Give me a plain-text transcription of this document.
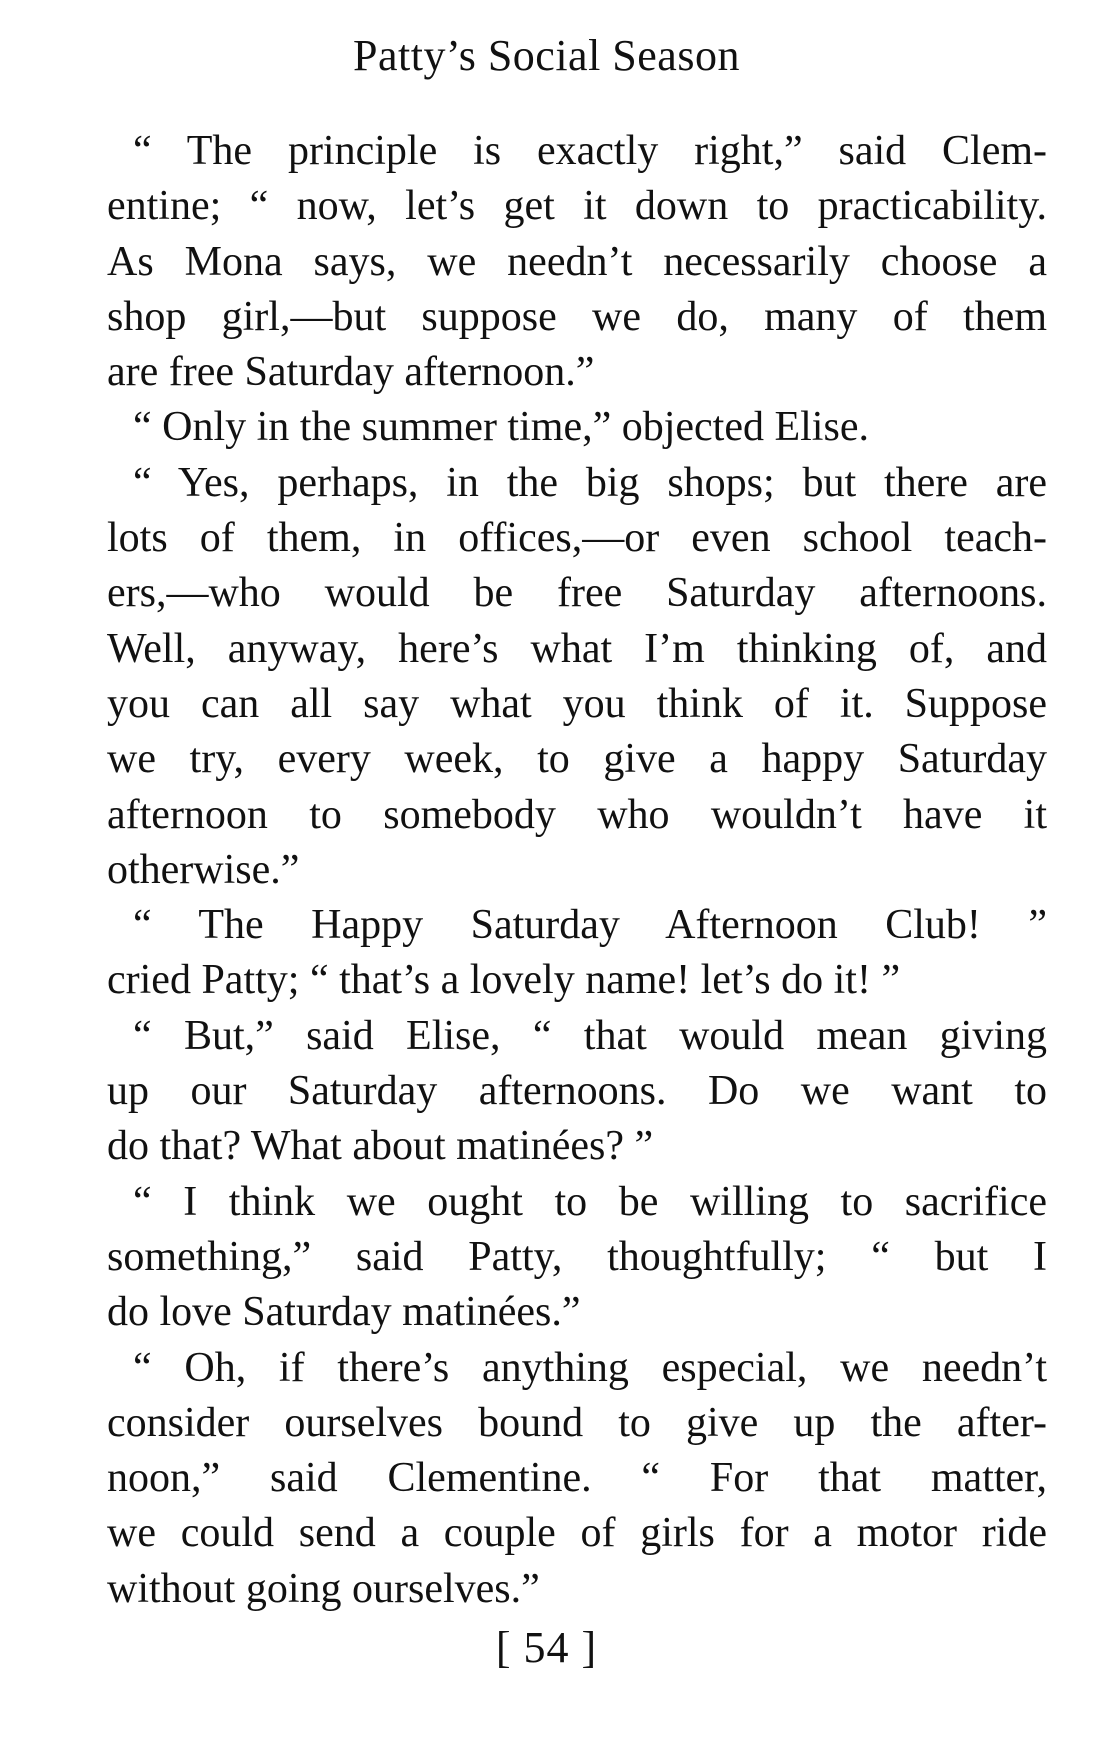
Patty’s Social Season
“ The principle is exactly right,” said Clem-
entine; “ now, let’s get it down to practicability.
As Mona says, we needn’t necessarily choose a
shop girl,—but suppose we do, many of them
are free Saturday afternoon.”
“ Only in the summer time,” objected Elise.
“ Yes, perhaps, in the big shops; but there are
lots of them, in offices,—or even school teach-
ers,—who would be free Saturday afternoons.
Well, anyway, here’s what I’m thinking of, and
you can all say what you think of it. Suppose
we try, every week, to give a happy Saturday
afternoon to somebody who wouldn’t have it
otherwise.”
“ The Happy Saturday Afternoon Club! ”
cried Patty; “ that’s a lovely name! let’s do it! ”
“ But,” said Elise, “ that would mean giving
up our Saturday afternoons. Do we want to
do that? What about matinées? ”
“ I think we ought to be willing to sacrifice
something,” said Patty, thoughtfully; “ but I
do love Saturday matinées.”
“ Oh, if there’s anything especial, we needn’t
consider ourselves bound to give up the after-
noon,” said Clementine. “ For that matter,
we could send a couple of girls for a motor ride
without going ourselves.”
[ 54 ]
